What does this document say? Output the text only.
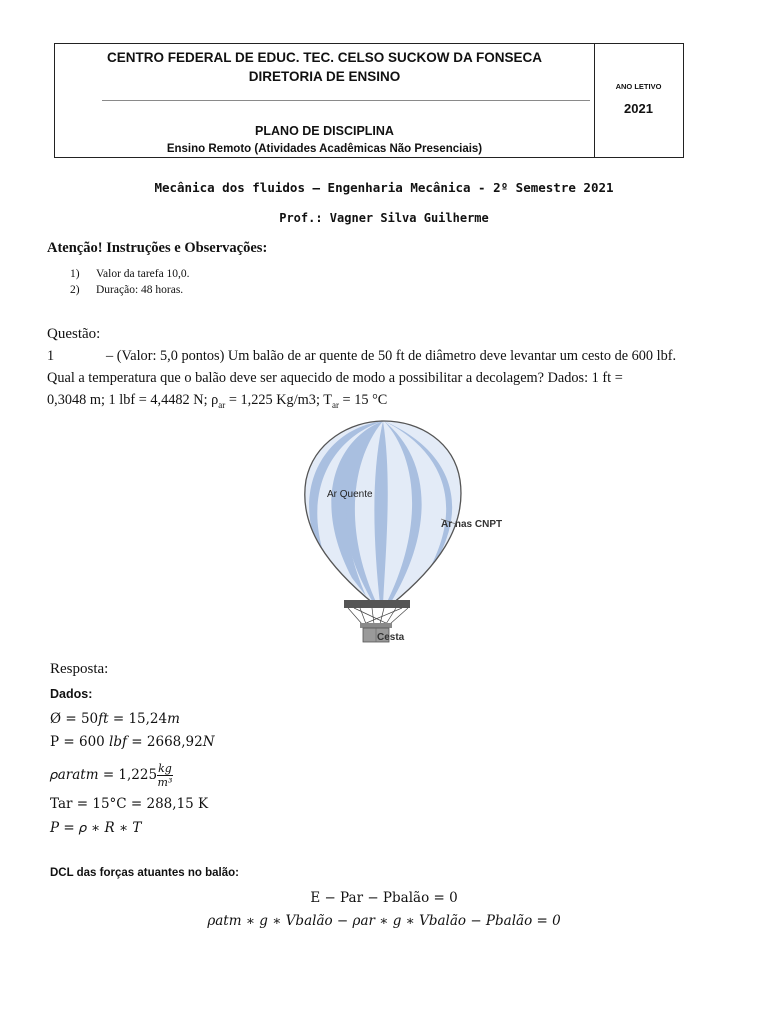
CENTRO FEDERAL DE EDUC. TEC. CELSO SUCKOW DA FONSECA
DIRETORIA DE ENSINO
PLANO DE DISCIPLINA
Ensino Remoto (Atividades Acadêmicas Não Presenciais)
ANO LETIVO
2021
Mecânica dos fluidos – Engenharia Mecânica - 2º Semestre 2021
Prof.: Vagner Silva Guilherme
Atenção! Instruções e Observações:
1) Valor da tarefa 10,0.
2) Duração: 48 horas.
Questão:
1	– (Valor: 5,0 pontos) Um balão de ar quente de 50 ft de diâmetro deve levantar um cesto de 600 lbf.
Qual a temperatura que o balão deve ser aquecido de modo a possibilitar a decolagem? Dados: 1 ft =
0,3048 m; 1 lbf = 4,4482 N; $\rho_{ar} = 1,225$ Kg/m3; $T_{ar} = 15$ °C
Ar Quente
Ar nas CNPT
Cesta
Resposta:
Dados:
Ø = 50𝑓𝑡 = 15,24𝑚
P = 600 𝑙𝑏𝑓 = 2668,92𝑁
𝜌𝑎𝑟𝑎𝑡𝑚 = $1,225 \frac{kg}{\text{m³}}$
Tar = 15°C = 288,15 K
𝑃 = 𝜌 ∗ 𝑅 ∗ 𝑇
DCL das forças atuantes no balão:
E − Par − Pbalão = 0
𝜌𝑎𝑡𝑚 ∗ 𝑔 ∗ 𝑉𝑏𝑎𝑙ã𝑜 − 𝜌𝑎𝑟 ∗ 𝑔 ∗ 𝑉𝑏𝑎𝑙ã𝑜 − 𝑃𝑏𝑎𝑙ã𝑜 = 0
